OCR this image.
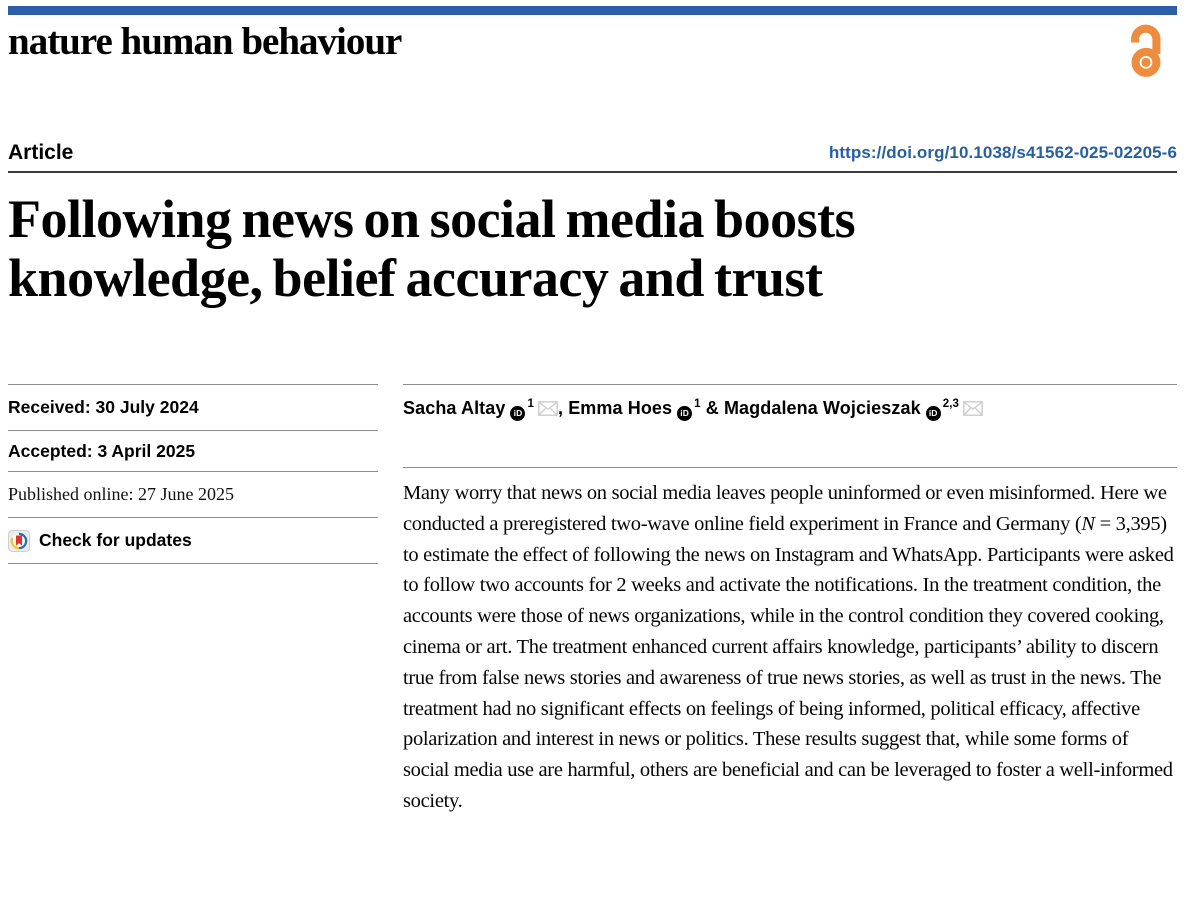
nature human behaviour
Article	https://doi.org/10.1038/s41562-025-02205-6
Following news on social media boosts
knowledge, belief accuracy and trust
Received: 30 July 2024
Accepted: 3 April 2025
Published online: 27 June 2025
Check for updates
Sacha Altay iD
$^1$ , Emma Hoes iD
$^1$ & Magdalena Wojcieszak iD
$^{2,3}$

Many worry that news on social media leaves people uninformed or even misinformed. Here we conducted a preregistered two-wave online field experiment in France and Germany (N = 3,395) to estimate the effect of following the news on Instagram and WhatsApp. Participants were asked to follow two accounts for 2 weeks and activate the notifications. In the treatment condition, the accounts were those of news organizations, while in the control condition they covered cooking, cinema or art. The treatment enhanced current affairs knowledge, participants’ ability to discern true from false news stories and awareness of true news stories, as well as trust in the news. The treatment had no significant effects on feelings of being informed, political efficacy, affective polarization and interest in news or politics. These results suggest that, while some forms of social media use are harmful, others are beneficial and can be leveraged to foster a well-informed society.
